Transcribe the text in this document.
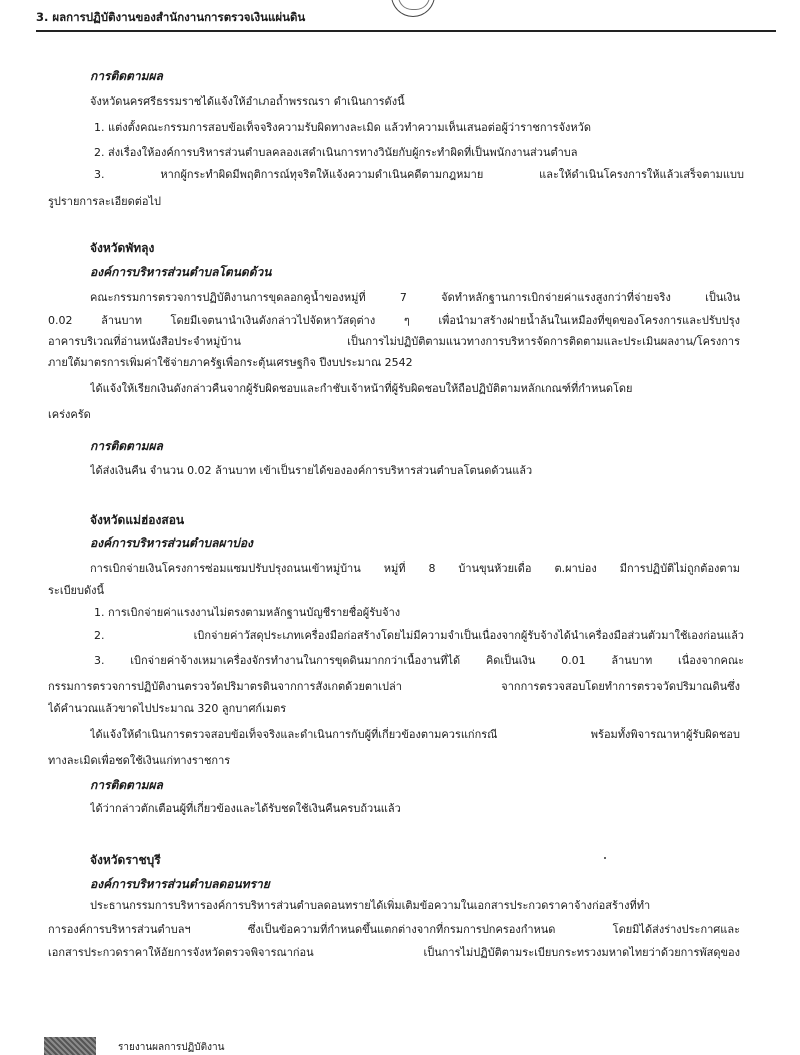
3. ผลการปฏิบัติงานของสำนักงานการตรวจเงินแผ่นดิน
การติดตามผล
จังหวัดนครศรีธรรมราชได้แจ้งให้อำเภอถ้ำพรรณรา ดำเนินการดังนี้
1. แต่งตั้งคณะกรรมการสอบข้อเท็จจริงความรับผิดทางละเมิด แล้วทำความเห็นเสนอต่อผู้ว่าราชการจังหวัด
2. ส่งเรื่องให้องค์การบริหารส่วนตำบลคลองเสดำเนินการทางวินัยกับผู้กระทำผิดที่เป็นพนักงานส่วนตำบล
3. หากผู้กระทำผิดมีพฤติการณ์ทุจริตให้แจ้งความดำเนินคดีตามกฎหมาย และให้ดำเนินโครงการให้แล้วเสร็จตามแบบ
รูปรายการละเอียดต่อไป
จังหวัดพัทลุง
องค์การบริหารส่วนตำบลโตนดด้วน
คณะกรรมการตรวจการปฏิบัติงานการขุดลอกคูน้ำของหมู่ที่ 7 จัดทำหลักฐานการเบิกจ่ายค่าแรงสูงกว่าที่จ่ายจริง เป็นเงิน
0.02 ล้านบาท โดยมีเจตนานำเงินดังกล่าวไปจัดหาวัสดุต่าง ๆ เพื่อนำมาสร้างฝายน้ำล้นในเหมืองที่ขุดของโครงการและปรับปรุง
อาคารบริเวณที่อ่านหนังสือประจำหมู่บ้าน เป็นการไม่ปฏิบัติตามแนวทางการบริหารจัดการติดตามและประเมินผลงาน/โครงการ
ภายใต้มาตรการเพิ่มค่าใช้จ่ายภาครัฐเพื่อกระตุ้นเศรษฐกิจ ปีงบประมาณ 2542
ได้แจ้งให้เรียกเงินดังกล่าวคืนจากผู้รับผิดชอบและกำชับเจ้าหน้าที่ผู้รับผิดชอบให้ถือปฏิบัติตามหลักเกณฑ์ที่กำหนดโดย
เคร่งครัด
การติดตามผล
ได้ส่งเงินคืน จำนวน 0.02 ล้านบาท เข้าเป็นรายได้ขององค์การบริหารส่วนตำบลโตนดด้วนแล้ว
จังหวัดแม่ฮ่องสอน
องค์การบริหารส่วนตำบลผาบ่อง
การเบิกจ่ายเงินโครงการซ่อมแซมปรับปรุงถนนเข้าหมู่บ้าน หมู่ที่ 8 บ้านขุนห้วยเดื่อ ต.ผาบ่อง มีการปฏิบัติไม่ถูกต้องตาม
ระเบียบดังนี้
1. การเบิกจ่ายค่าแรงงานไม่ตรงตามหลักฐานบัญชีรายชื่อผู้รับจ้าง
2. เบิกจ่ายค่าวัสดุประเภทเครื่องมือก่อสร้างโดยไม่มีความจำเป็นเนื่องจากผู้รับจ้างได้นำเครื่องมือส่วนตัวมาใช้เองก่อนแล้ว
3. เบิกจ่ายค่าจ้างเหมาเครื่องจักรทำงานในการขุดดินมากกว่าเนื้องานที่ได้ คิดเป็นเงิน 0.01 ล้านบาท เนื่องจากคณะ
กรรมการตรวจการปฏิบัติงานตรวจวัดปริมาตรดินจากการสังเกตด้วยตาเปล่า จากการตรวจสอบโดยทำการตรวจวัดปริมาณดินซึ่ง
ได้คำนวณแล้วขาดไปประมาณ 320 ลูกบาศก์เมตร
ได้แจ้งให้ดำเนินการตรวจสอบข้อเท็จจริงและดำเนินการกับผู้ที่เกี่ยวข้องตามควรแก่กรณี พร้อมทั้งพิจารณาหาผู้รับผิดชอบ
ทางละเมิดเพื่อชดใช้เงินแก่ทางราชการ
การติดตามผล
ได้ว่ากล่าวตักเตือนผู้ที่เกี่ยวข้องและได้รับชดใช้เงินคืนครบถ้วนแล้ว
จังหวัดราชบุรี
องค์การบริหารส่วนตำบลดอนทราย
ประธานกรรมการบริหารองค์การบริหารส่วนตำบลดอนทรายได้เพิ่มเติมข้อความในเอกสารประกวดราคาจ้างก่อสร้างที่ทำ
การองค์การบริหารส่วนตำบลฯ ซึ่งเป็นข้อความที่กำหนดขึ้นแตกต่างจากที่กรมการปกครองกำหนด โดยมิได้ส่งร่างประกาศและ
เอกสารประกวดราคาให้อัยการจังหวัดตรวจพิจารณาก่อน เป็นการไม่ปฏิบัติตามระเบียบกระทรวงมหาดไทยว่าด้วยการพัสดุของ
รายงานผลการปฏิบัติงาน
